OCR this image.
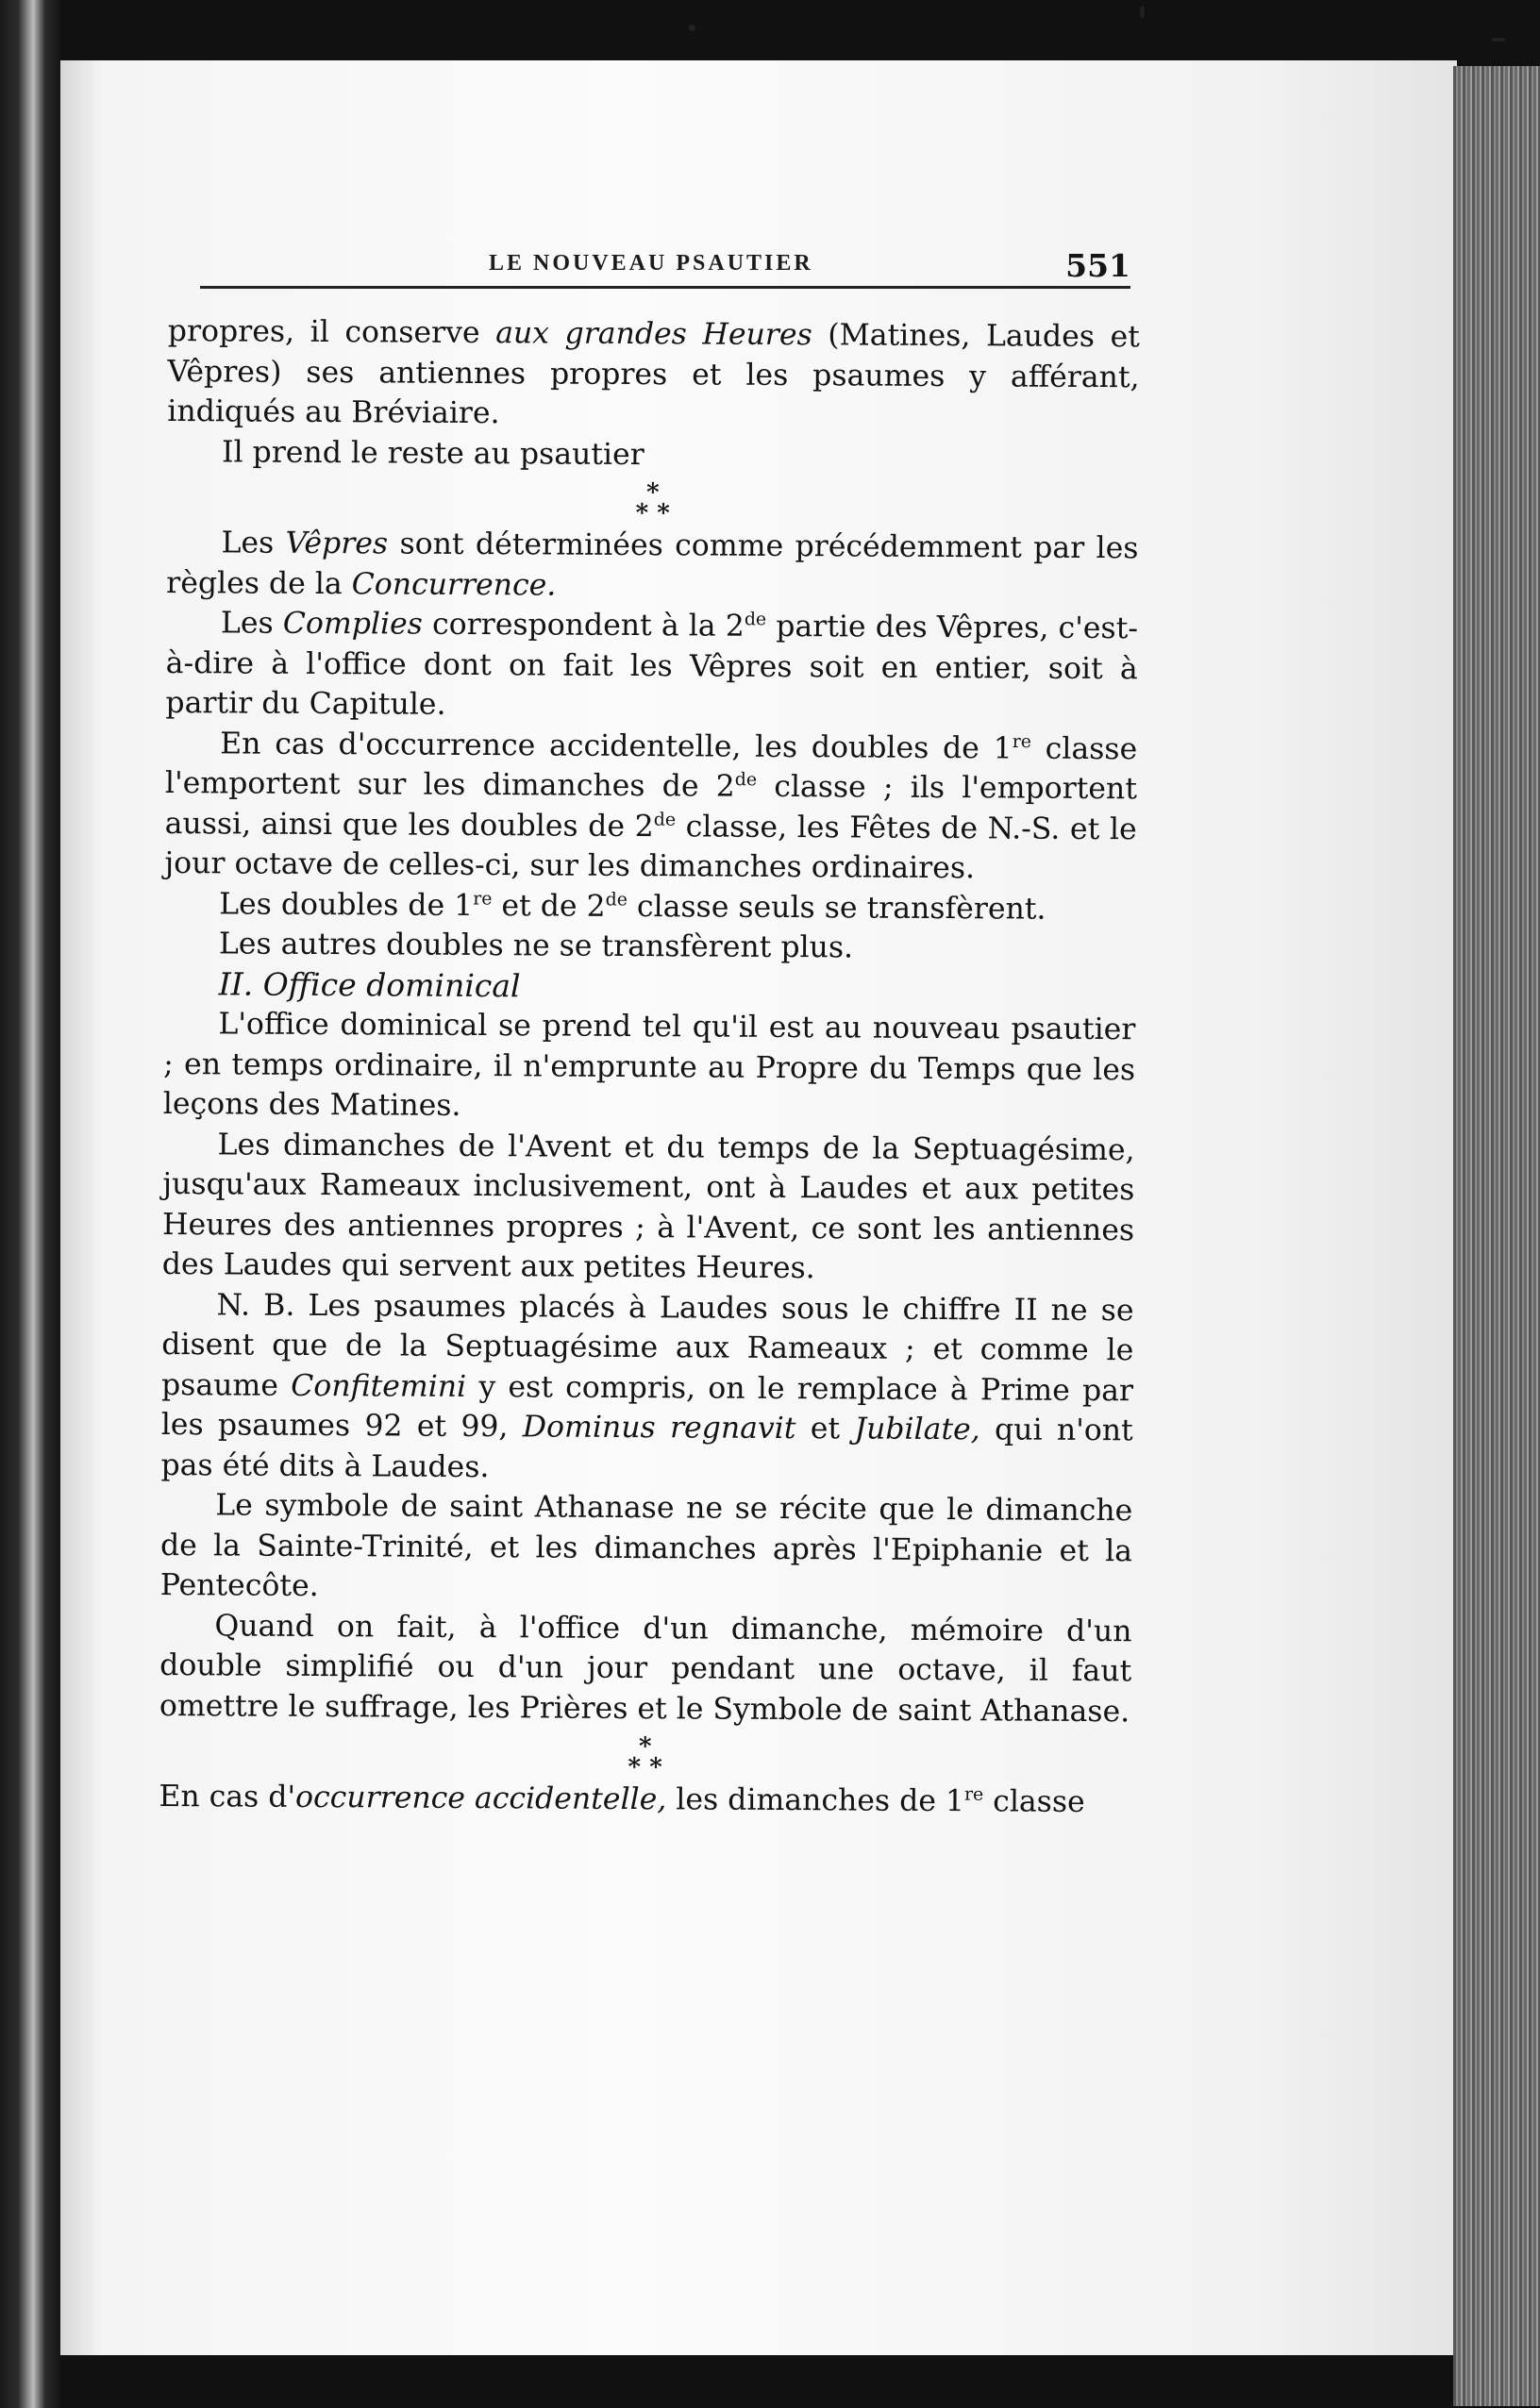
LE NOUVEAU PSAUTIER	551

propres, il conserve aux grandes Heures (Matines, Laudes et Vêpres) ses antiennes propres et les psaumes y afférant, indiqués au Bréviaire.

Il prend le reste au psautier

*
* *

Les Vêpres sont déterminées comme précédemment par les règles de la Concurrence.

Les Complies correspondent à la 2de partie des Vêpres, c'est-à-dire à l'office dont on fait les Vêpres soit en entier, soit à partir du Capitule.

En cas d'occurrence accidentelle, les doubles de 1re classe l'emportent sur les dimanches de 2de classe ; ils l'emportent aussi, ainsi que les doubles de 2de classe, les Fêtes de N.-S. et le jour octave de celles-ci, sur les dimanches ordinaires.

Les doubles de 1re et de 2de classe seuls se transfèrent.

Les autres doubles ne se transfèrent plus.

II. Office dominical

L'office dominical se prend tel qu'il est au nouveau psautier ; en temps ordinaire, il n'emprunte au Propre du Temps que les leçons des Matines.

Les dimanches de l'Avent et du temps de la Septuagésime, jusqu'aux Rameaux inclusivement, ont à Laudes et aux petites Heures des antiennes propres ; à l'Avent, ce sont les antiennes des Laudes qui servent aux petites Heures.

N. B. Les psaumes placés à Laudes sous le chiffre II ne se disent que de la Septuagésime aux Rameaux ; et comme le psaume Confitemini y est compris, on le remplace à Prime par les psaumes 92 et 99, Dominus regnavit et Jubilate, qui n'ont pas été dits à Laudes.

Le symbole de saint Athanase ne se récite que le dimanche de la Sainte-Trinité, et les dimanches après l'Epiphanie et la Pentecôte.

Quand on fait, à l'office d'un dimanche, mémoire d'un double simplifié ou d'un jour pendant une octave, il faut omettre le suffrage, les Prières et le Symbole de saint Athanase.

*
* *

En cas d'occurrence accidentelle, les dimanches de 1re classe
